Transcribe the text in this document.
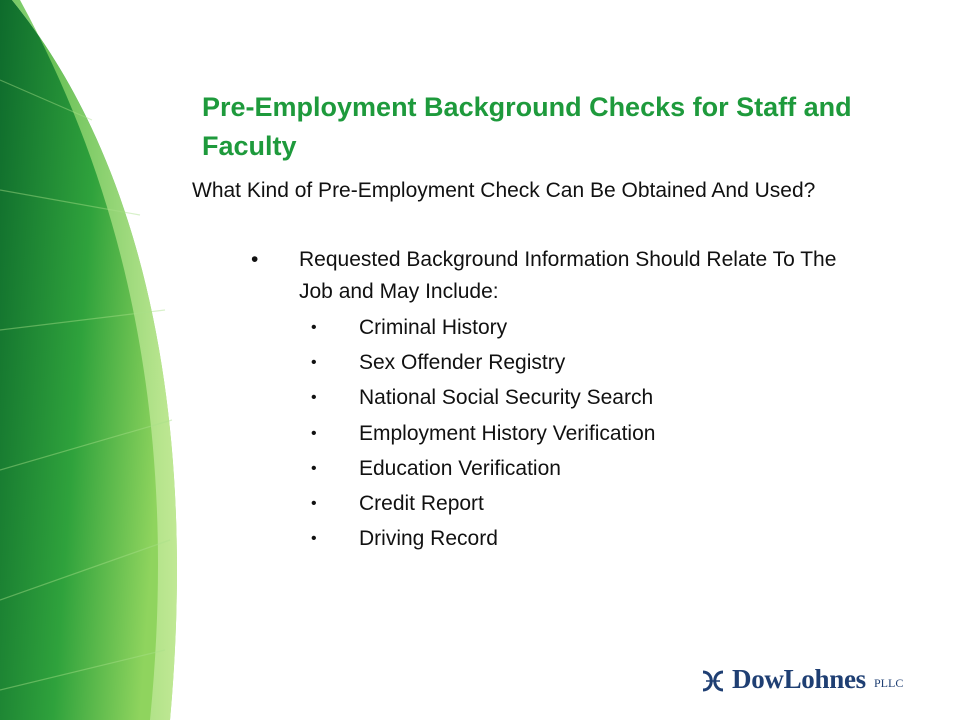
Pre-Employment Background Checks for Staff and Faculty
What Kind of Pre-Employment Check Can Be Obtained And Used?
• Requested Background Information Should Relate To The Job and May Include:
• Criminal History
• Sex Offender Registry
• National Social Security Search
• Employment History Verification
• Education Verification
• Credit Report
• Driving Record
DowLohnes PLLC
